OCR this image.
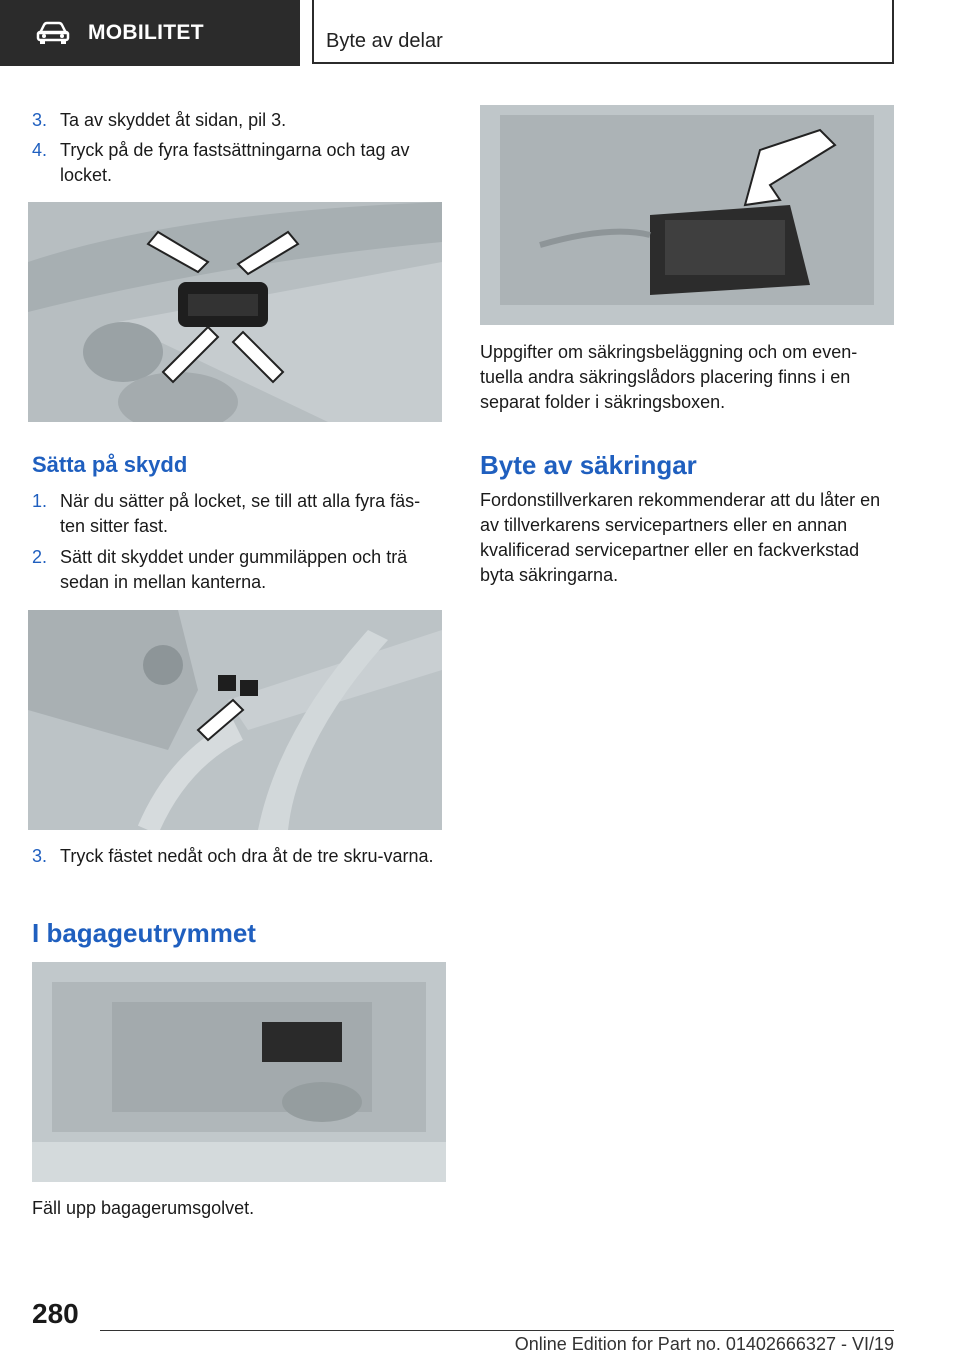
MOBILITET	Byte av delar
3. Ta av skyddet åt sidan, pil 3.
4. Tryck på de fyra fastsättningarna och tag av locket.
Sätta på skydd
1. När du sätter på locket, se till att alla fyra fäs‐ten sitter fast.
2. Sätt dit skyddet under gummiläppen och trä sedan in mellan kanterna.
3. Tryck fästet nedåt och dra åt de tre skru‐varna.
I bagageutrymmet
Fäll upp bagagerumsgolvet.
Uppgifter om säkringsbeläggning och om even‐tuella andra säkringslådors placering finns i en separat folder i säkringsboxen.
Byte av säkringar
Fordonstillverkaren rekommenderar att du låter en av tillverkarens servicepartners eller en annan kvalificerad servicepartner eller en fackverkstad byta säkringarna.
280
Online Edition for Part no. 01402666327 - VI/19
